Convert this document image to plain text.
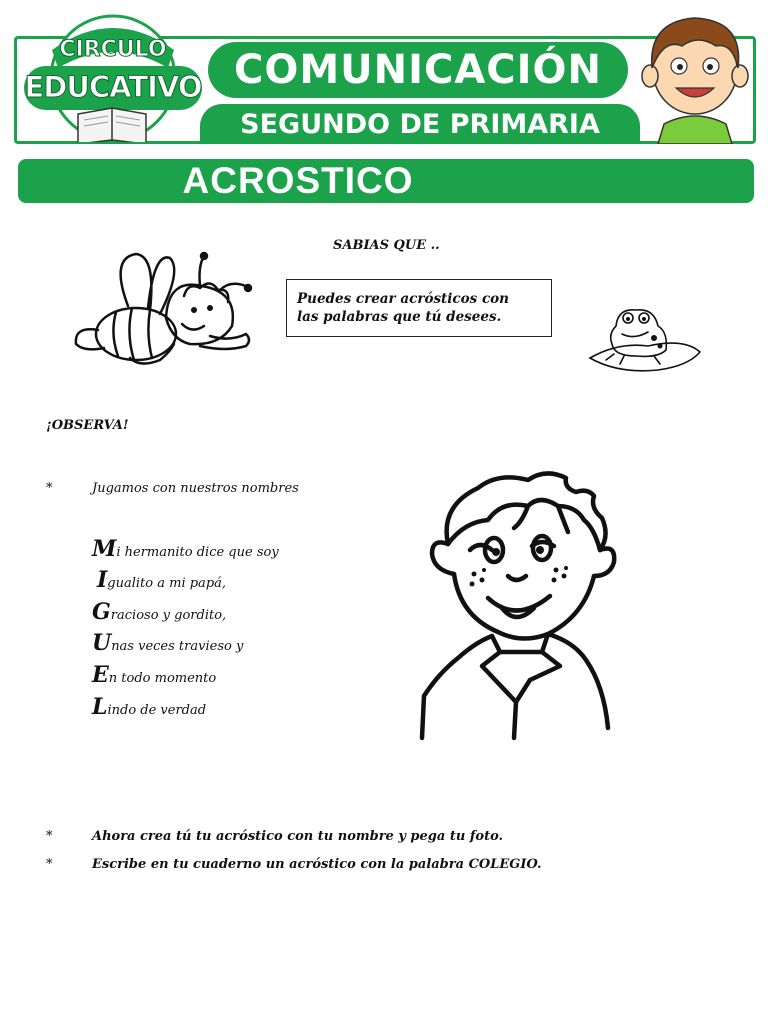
CIRCULO
EDUCATIVO COMUNICACIÓN
SEGUNDO DE PRIMARIA
ACROSTICO
SABIAS QUE ..
Puedes crear acrósticos con
las palabras que tú desees.
¡OBSERVA!
*	Jugamos con nuestros nombres
Mi hermanito dice que soy
Igualito a mi papá,
Gracioso y gordito,
Unas veces travieso y
En todo momento
Lindo de verdad
*	Ahora crea tú tu acróstico con tu nombre y pega tu foto.
*	Escribe en tu cuaderno un acróstico con la palabra COLEGIO.
